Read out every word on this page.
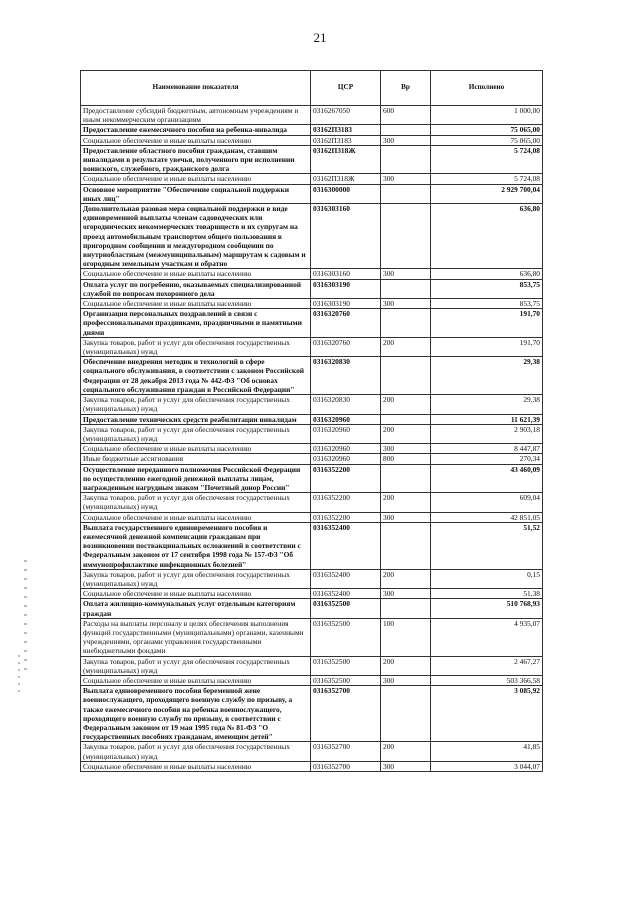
21
Наименование показателя	ЦСР	Вр	Исполнено
Предоставление субсидий бюджетным, автономным учреждениям и иным некоммерческим организациям	0316267050	600	1 000,00
Предоставление ежемесячного пособия на ребенка-инвалида	03162П3183		75 065,00
Социальное обеспечение и иные выплаты населению	03162П3183	300	75 065,00
Предоставление областного пособия гражданам, ставшим инвалидами в результате увечья, полученного при исполнении воинского, служебного, гражданского долга	03162П318Ж		5 724,08
Социальное обеспечение и иные выплаты населению	03162П318Ж	300	5 724,08
Основное мероприятие "Обеспечение социальной поддержки иных лиц"	0316300000		2 929 700,04
Дополнительная разовая мера социальной поддержки в виде единовременной выплаты членам садоводческих или огороднических некоммерческих товариществ и их супругам на проезд автомобильным транспортом общего пользования в пригородном сообщении и междугородном сообщении по внутриобластным (межмуниципальным) маршрутам к садовым и огородным земельным участкам и обратно	0316303160		636,80
Социальное обеспечение и иные выплаты населению	0316303160	300	636,80
Оплата услуг по погребению, оказываемых специализированной службой по вопросам похоронного дела	0316303190		853,75
Социальное обеспечение и иные выплаты населению	0316303190	300	853,75
Организация персональных поздравлений в связи с профессиональными праздниками, праздничными и памятными днями	0316320760		191,70
Закупка товаров, работ и услуг для обеспечения государственных (муниципальных) нужд	0316320760	200	191,70
Обеспечение внедрения методик и технологий в сфере социального обслуживания, в соответствии с законом Российской Федерации от 28 декабря 2013 года № 442-ФЗ "Об основах социального обслуживания граждан в Российской Федерации"	0316320830		29,38
Закупка товаров, работ и услуг для обеспечения государственных (муниципальных) нужд	0316320830	200	29,38
Предоставление технических средств реабилитации инвалидам	0316320960		11 621,39
Закупка товаров, работ и услуг для обеспечения государственных (муниципальных) нужд	0316320960	200	2 903,18
Социальное обеспечение и иные выплаты населению	0316320960	300	8 447,87
Иные бюджетные ассигнования	0316320960	800	270,34
Осуществление переданного полномочия Российской Федерации по осуществлению ежегодной денежной выплаты лицам, награжденным нагрудным знаком "Почетный донор России"	0316352200		43 460,09
Закупка товаров, работ и услуг для обеспечения государственных (муниципальных) нужд	0316352200	200	609,04
Социальное обеспечение и иные выплаты населению	0316352200	300	42 851,05
Выплата государственного единовременного пособия и ежемесячной денежной компенсации гражданам при возникновении поствакцинальных осложнений в соответствии с Федеральным законом от 17 сентября 1998 года № 157-ФЗ "Об иммунопрофилактике инфекционных болезней"	0316352400		51,52
Закупка товаров, работ и услуг для обеспечения государственных (муниципальных) нужд	0316352400	200	0,15
Социальное обеспечение и иные выплаты населению	0316352400	300	51,38
Оплата жилищно-коммунальных услуг отдельным категориям граждан	0316352500		510 768,93
Расходы на выплаты персоналу в целях обеспечения выполнения функций государственными (муниципальными) органами, казенными учреждениями, органами управления государственными внебюджетными фондами	0316352500	100	4 935,07
Закупка товаров, работ и услуг для обеспечения государственных (муниципальных) нужд	0316352500	200	2 467,27
Социальное обеспечение и иные выплаты населению	0316352500	300	503 366,58
Выплата единовременного пособия беременной жене военнослужащего, проходящего военную службу по призыву, а также ежемесячного пособия на ребенка военнослужащего, проходящего военную службу по призыву, в соответствии с Федеральным законом от 19 мая 1995 года № 81-ФЗ "О государственных пособиях гражданам, имеющим детей"	0316352700		3 085,92
Закупка товаров, работ и услуг для обеспечения государственных (муниципальных) нужд	0316352700	200	41,85
Социальное обеспечение и иные выплаты населению	0316352700	300	3 044,07
